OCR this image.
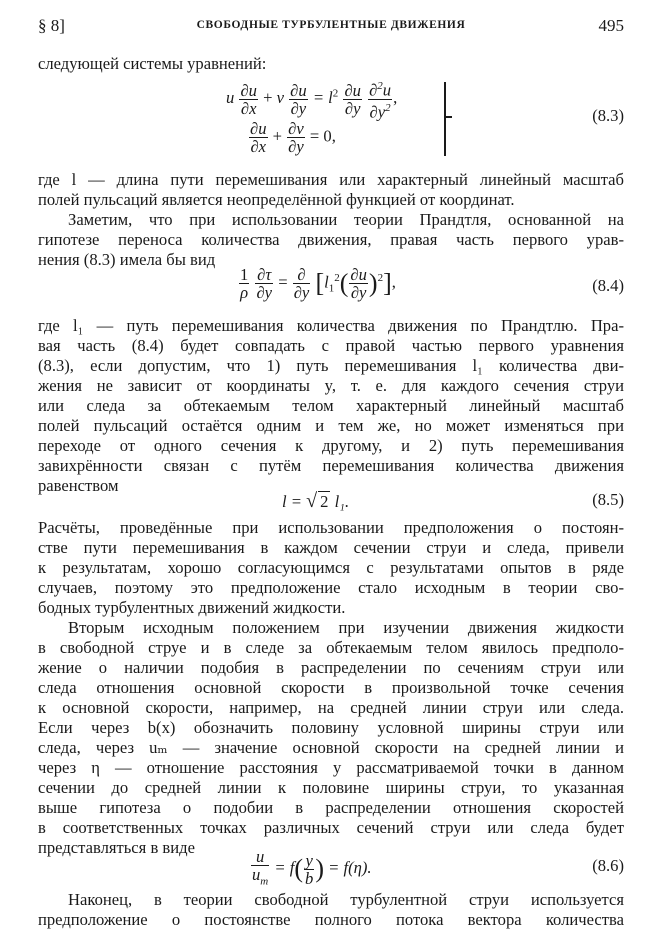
§ 8]	СВОБОДНЫЕ ТУРБУЛЕНТНЫЕ ДВИЖЕНИЯ	495
следующей системы уравнений:
u $\frac{\partial u}{\partial x} + v \frac{\partial u}{\partial y} = l^2 \frac{\partial u}{\partial y}$
$\frac{\partial^2u}{\partial y^2}$ ,
$\frac{\partial u}{\partial x} + \frac{\partial v}{\partial y} = 0$,
(8.3)
где l — длина пути перемешивания или характерный линейный масштаб
полей пульсаций является неопределённой функцией от координат.
Заметим, что при использовании теории Прандтля, основанной на
гипотезе переноса количества движения, правая часть первого урав-
нения (8.3) имела бы вид
$\frac{1}{\rho}$
$\frac{\partial\tau}{\partial y}$ = ∂
∂y $[l_1^2( \frac{\partial u}{\partial y} )^2]$,	(8.4)
где l₁ — путь перемешивания количества движения по Прандтлю. Пра-
вая часть (8.4) будет совпадать с правой частью первого уравнения
(8.3), если допустим, что 1) путь перемешивания l₁ количества дви-
жения не зависит от координаты y, т. е. для каждого сечения струи
или следа за обтекаемым телом характерный линейный масштаб
полей пульсаций остаётся одним и тем же, но может изменяться при
переходе от одного сечения к другому, и 2) путь перемешивания
завихрённости связан с путём перемешивания количества движения
равенством
l = √ 2 l₁.	(8.5)
Расчёты, проведённые при использовании предположения о постоян-
стве пути перемешивания в каждом сечении струи и следа, привели
к результатам, хорошо согласующимся с результатами опытов в ряде
случаев, поэтому это предположение стало исходным в теории сво-
бодных турбулентных движений жидкости.
Вторым исходным положением при изучении движения жидкости
в свободной струе и в следе за обтекаемым телом явилось предполо-
жение о наличии подобия в распределении по сечениям струи или
следа отношения основной скорости в произвольной точке сечения
к основной скорости, например, на средней линии струи или следа.
Если через b(x) обозначить половину условной ширины струи или
следа, через uₘ — значение основной скорости на средней линии и
через η — отношение расстояния y рассматриваемой точки в данном
сечении до средней линии к половине ширины струи, то указанная
выше гипотеза о подобии в распределении отношения скоростей
в соответственных точках различных сечений струи или следа будет
представляться в виде
$\frac{u}{u_m} = f( \frac{y}{b}$ ) = f(η).	(8.6)
Наконец, в теории свободной турбулентной струи используется
предположение о постоянстве полного потока вектора количества
